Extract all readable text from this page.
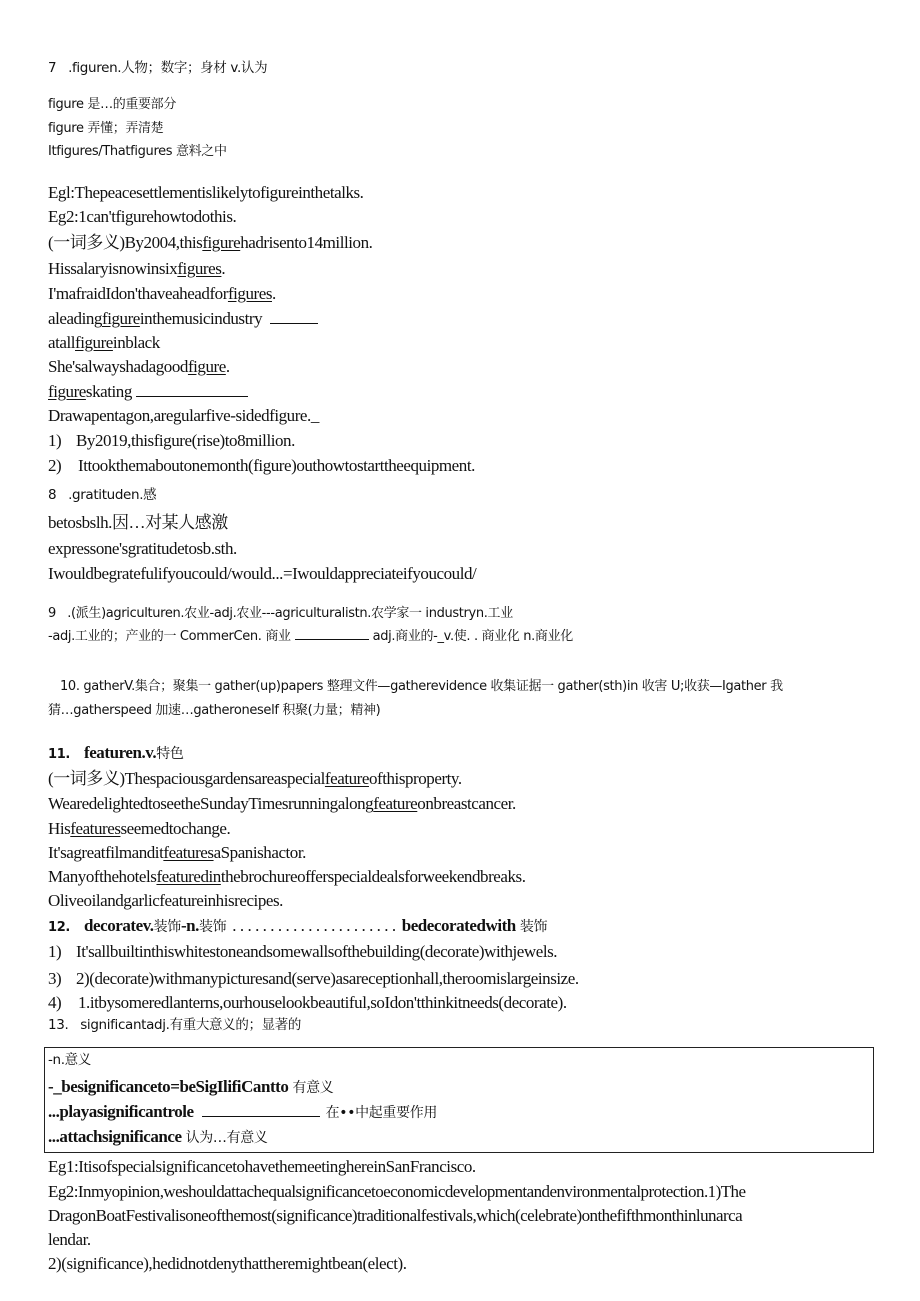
7   .figuren.人物；数字；身材 v.认为
figure 是…的重要部分
figure 弄懂；弄清楚
Itfigures/Thatfigures 意料之中
Egl:Thepeacesettlementislikelytofigureinthetalks.
Eg2:1can'tfigurehowtodothis.
(一词多义)By2004,thisfigurehadrisento14million.
Hissalaryisnowinsixfigures.
I'mafraidIdon'thaveaheadforfigures.
aleadingfigureinthemusicindustry
atallfigureinblack
She'salwayshadagoodfigure.
figureskating
Drawapentagon,aregularfive-sidedfigure._
1) By2019,thisfigure(rise)to8million.
2) Ittookthemaboutonemonth(figure)outhowtostarttheequipment.
8   .gratituden.感
betosbslh.因…对某人感激
expressone'sgratitudetosb.sth.
Iwouldbegratefulifyoucould/would...=Iwouldappreciateifyoucould/
9   .(派生)agriculturen.农业-adj.农业---agriculturalistn.农学家一 industryn.工业
-adj.工业的；产业的一 CommerCen. 商业	adj.商业的-_v.使. . 商业化 n.商业化
10. gatherV.集合；聚集一 gather(up)papers 整理文件—gatherevidence 收集证据一 gather(sth)in 收害 U;收获—Igather 我
猜…gatherspeed 加速…gatheroneself 积聚(力量；精神)
11. featuren.v.特色
(一词多义)Thespaciousgardensareaspecialfeatureofthisproperty.
WearedelightedtoseetheSundayTimesrunningalongfeatureonbreastcancer.
Hisfeaturesseemedtochange.
It'sagreatfilmanditfeaturesaSpanishactor.
Manyofthehotelsfeaturedinthebrochureofferspecialdealsforweekendbreaks.
Oliveoilandgarlicfeatureinhisrecipes.
12. decoratev.装饰-n.装饰 . . . . . . . . . . . . . . . . . . . . . . bedecoratedwith 装饰
1) It'sallbuiltinthiswhitestoneandsomewallsofthebuilding(decorate)withjewels.
3) 2)(decorate)withmanypicturesand(serve)asareceptionhall,theroomislargeinsize.
4) 1.itbysomeredlanterns,ourhouselookbeautiful,soIdon'tthinkitneeds(decorate).
13.   significantadj.有重大意义的；显著的
-n.意义
-_besignificanceto=beSigIlifiCantto 有意义
...playasignificantrole	在••中起重要作用
...attachsignificance 认为…有意义
Eg1:ItisofspecialsignificancetohavethemeetinghereinSanFrancisco.
Eg2:Inmyopinion,weshouldattachequalsignificancetoeconomicdevelopmentandenvironmentalprotection.1)The
DragonBoatFestivalisoneofthemost(significance)traditionalfestivals,which(celebrate)onthefifthmonthinlunarca
lendar.
2)(significance),hedidnotdenythattheremightbean(elect).
